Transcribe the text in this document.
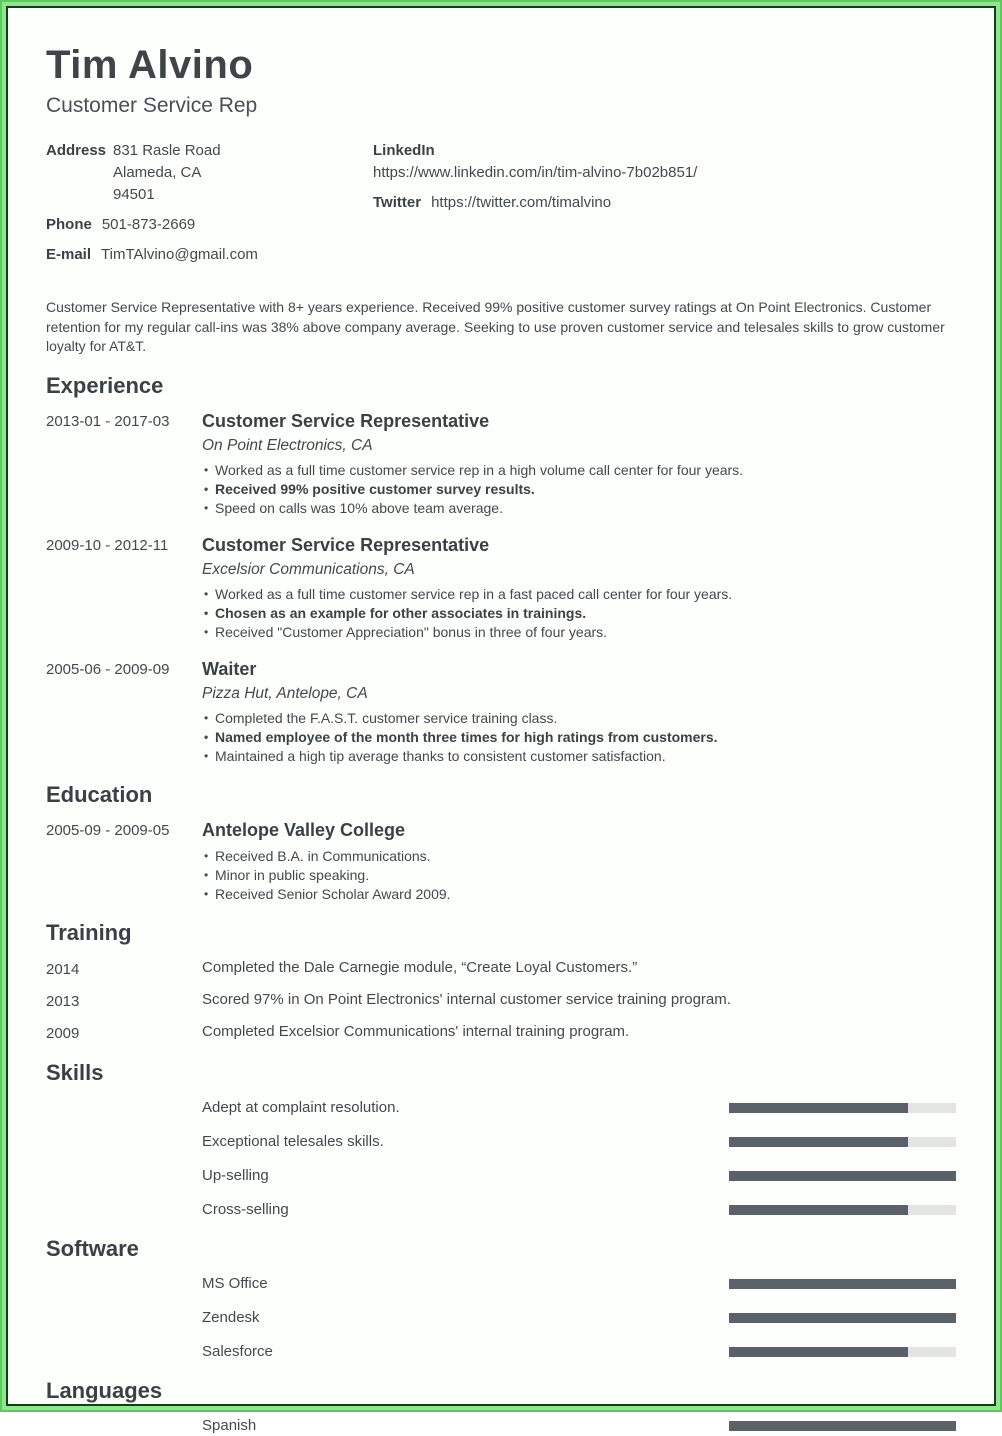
Tim Alvino
Customer Service Rep
Address 831 Rasle Road
Alameda, CA
94501
Phone 501-873-2669
E-mail TimTAlvino@gmail.com
LinkedIn
https://www.linkedin.com/in/tim-alvino-7b02b851/
Twitter https://twitter.com/timalvino

Customer Service Representative with 8+ years experience. Received 99% positive customer survey ratings at On Point Electronics. Customer retention for my regular call-ins was 38% above company average. Seeking to use proven customer service and telesales skills to grow customer loyalty for AT&T.

Experience
2013-01 - 2017-03	Customer Service Representative
On Point Electronics, CA
• Worked as a full time customer service rep in a high volume call center for four years.
• Received 99% positive customer survey results.
• Speed on calls was 10% above team average.
2009-10 - 2012-11	Customer Service Representative
Excelsior Communications, CA
• Worked as a full time customer service rep in a fast paced call center for four years.
• Chosen as an example for other associates in trainings.
• Received "Customer Appreciation" bonus in three of four years.
2005-06 - 2009-09	Waiter
Pizza Hut, Antelope, CA
• Completed the F.A.S.T. customer service training class.
• Named employee of the month three times for high ratings from customers.
• Maintained a high tip average thanks to consistent customer satisfaction.
Education
2005-09 - 2009-05	Antelope Valley College
• Received B.A. in Communications.
• Minor in public speaking.
• Received Senior Scholar Award 2009.
Training
2014	Completed the Dale Carnegie module, “Create Loyal Customers.”
2013	Scored 97% in On Point Electronics' internal customer service training program.
2009	Completed Excelsior Communications' internal training program.
Skills
Adept at complaint resolution.
Exceptional telesales skills.
Up-selling
Cross-selling
Software
MS Office
Zendesk
Salesforce
Languages
Spanish
